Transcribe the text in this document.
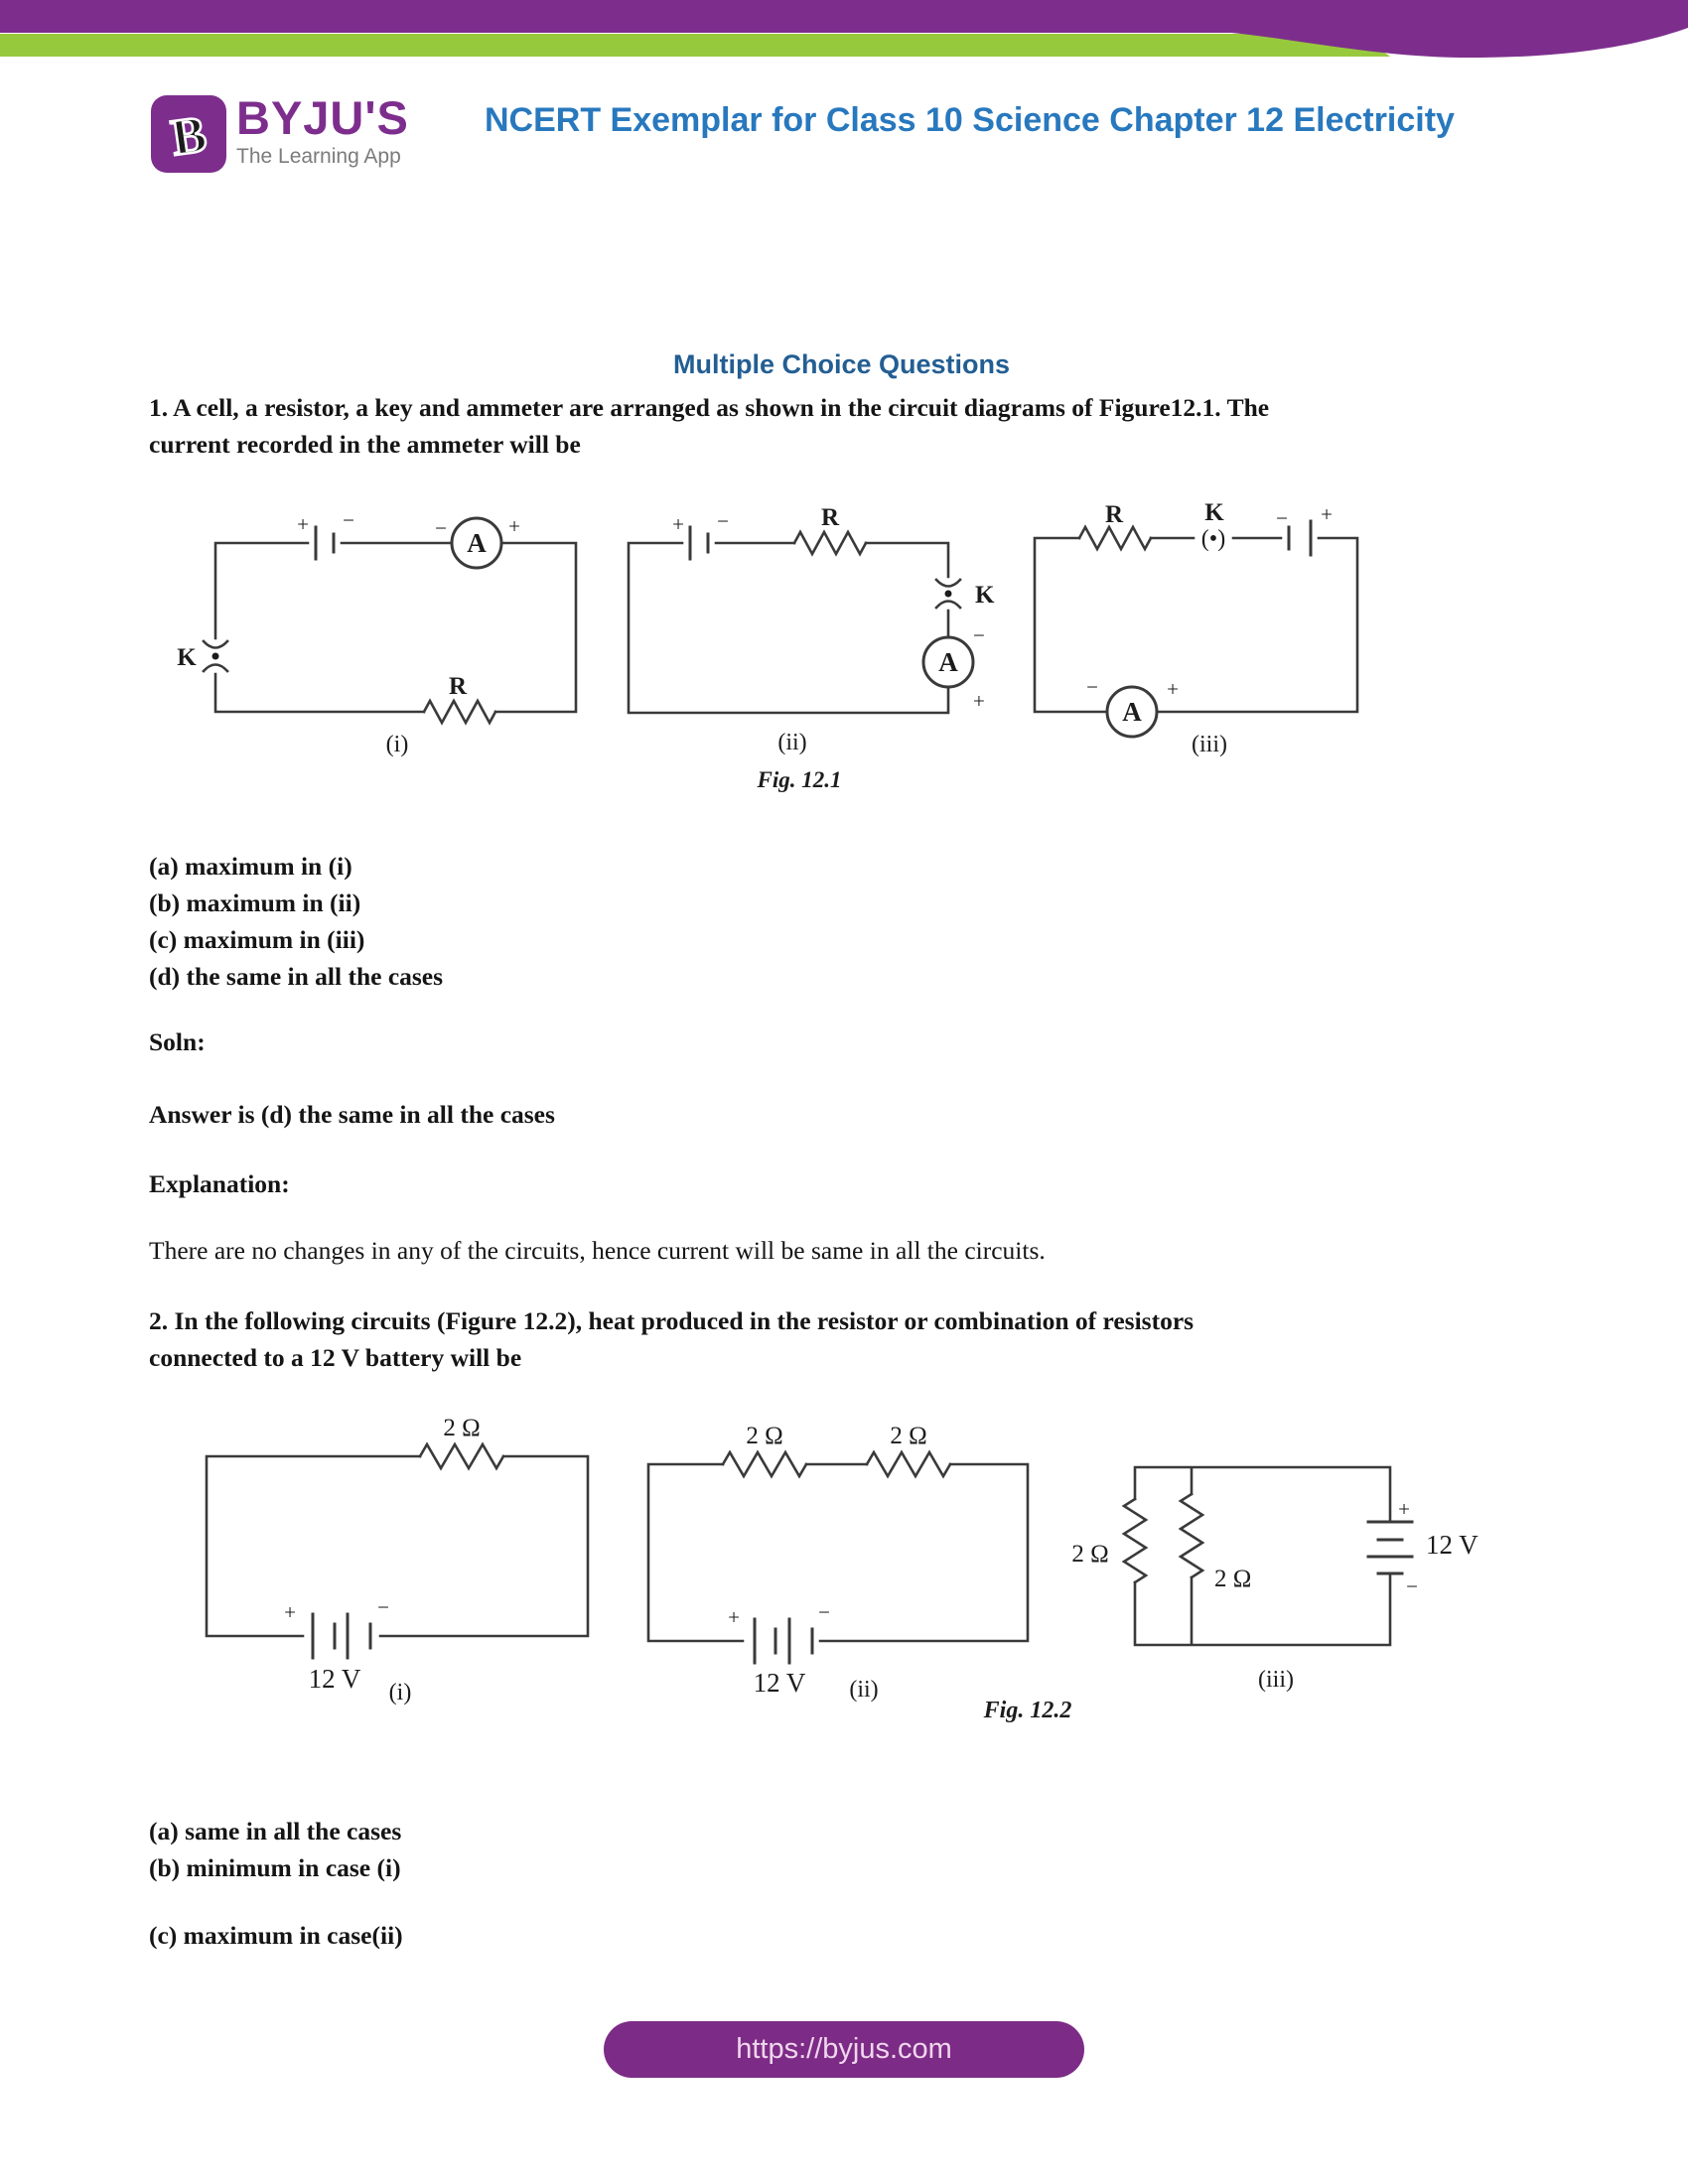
B BYJU'S
The Learning App
NCERT Exemplar for Class 10 Science Chapter 12 Electricity
Multiple Choice Questions
1. A cell, a resistor, a key and ammeter are arranged as shown in the circuit diagrams of Figure12.1. The
current recorded in the ammeter will be
+ −	−	+
A
K
R
(i)
+ −	R
K
−
A
+
(ii)
Fig. 12.1
R	K
(•)
− +
−
A
+
(iii)
(a) maximum in (i)
(b) maximum in (ii)
(c) maximum in (iii)
(d) the same in all the cases
Soln:
Answer is (d) the same in all the cases
Explanation:
There are no changes in any of the circuits, hence current will be same in all the circuits.
2. In the following circuits (Figure 12.2), heat produced in the resistor or combination of resistors
connected to a 12 V battery will be
2 Ω
+	−
12 V (i)
2 Ω	2 Ω
+	−
12 V (ii)
Fig. 12.2
2 Ω
2 Ω
+
−
12 V
(iii)
(a) same in all the cases
(b) minimum in case (i)
(c) maximum in case(ii)
https://byjus.com
